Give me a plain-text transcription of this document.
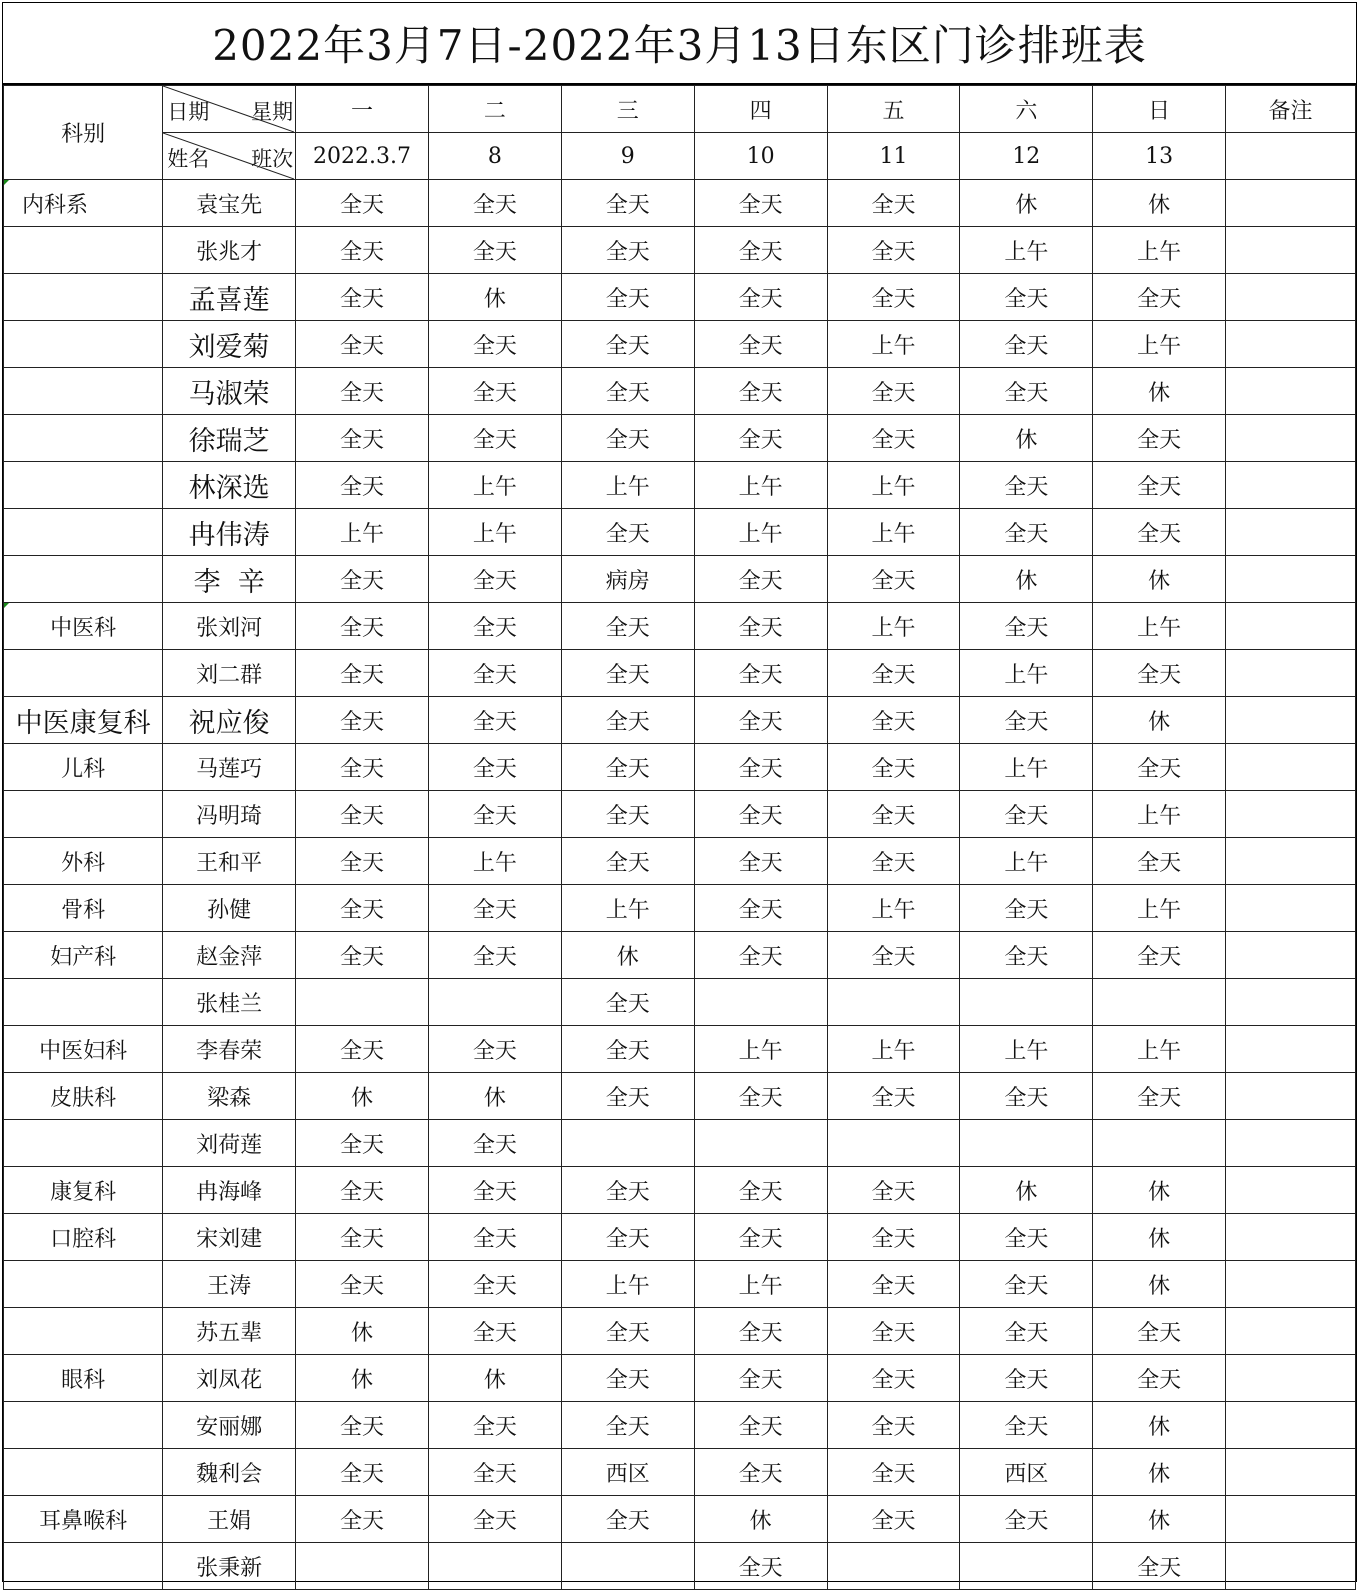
2022年3月7日-2022年3月13日东区门诊排班表
科别	日期 星期	一	二	三	四	五	六	日	备注

	姓名 班次	2022.3.7	8	9	10	11	12	13	
内科系	袁宝先	全天	全天	全天	全天	全天	休	休	
	张兆才	全天	全天	全天	全天	全天	上午	上午	
	孟喜莲	全天	休	全天	全天	全天	全天	全天	
	刘爱菊	全天	全天	全天	全天	上午	全天	上午	
	马淑荣	全天	全天	全天	全天	全天	全天	休	
	徐瑞芝	全天	全天	全天	全天	全天	休	全天	
	林深选	全天	上午	上午	上午	上午	全天	全天	
	冉伟涛	上午	上午	全天	上午	上午	全天	全天	
	李  辛	全天	全天	病房	全天	全天	休	休	
中医科	张刘河	全天	全天	全天	全天	上午	全天	上午	
	刘二群	全天	全天	全天	全天	全天	上午	全天	
中医康复科	祝应俊	全天	全天	全天	全天	全天	全天	休	
儿科	马莲巧	全天	全天	全天	全天	全天	上午	全天	
	冯明琦	全天	全天	全天	全天	全天	全天	上午	
外科	王和平	全天	上午	全天	全天	全天	上午	全天	
骨科	孙健	全天	全天	上午	全天	上午	全天	上午	
妇产科	赵金萍	全天	全天	休	全天	全天	全天	全天	
	张桂兰			全天					
中医妇科	李春荣	全天	全天	全天	上午	上午	上午	上午	
皮肤科	梁森	休	休	全天	全天	全天	全天	全天	
	刘荷莲	全天	全天						
康复科	冉海峰	全天	全天	全天	全天	全天	休	休	
口腔科	宋刘建	全天	全天	全天	全天	全天	全天	休	
	王涛	全天	全天	上午	上午	全天	全天	休	
	苏五辈	休	全天	全天	全天	全天	全天	全天	
眼科	刘凤花	休	休	全天	全天	全天	全天	全天	
	安丽娜	全天	全天	全天	全天	全天	全天	休	
	魏利会	全天	全天	西区	全天	全天	西区	休	
耳鼻喉科	王娟	全天	全天	全天	休	全天	全天	休	
	张秉新				全天			全天	
